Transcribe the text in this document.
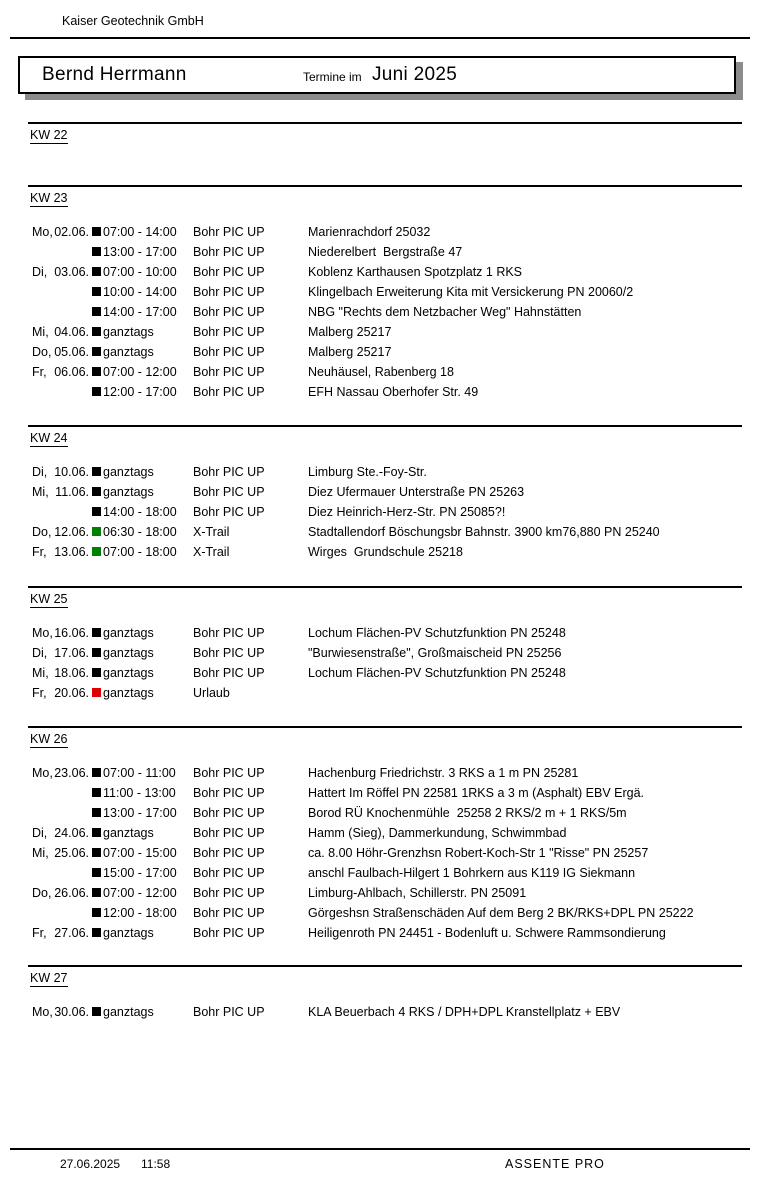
Kaiser Geotechnik GmbH
Bernd Herrmann	Termine im Juni 2025
KW 22
KW 23
Mo, 02.06. 07:00 - 14:00 Bohr PIC UP	Marienrachdorf 25032
13:00 - 17:00 Bohr PIC UP	Niederelbert  Bergstraße 47
Di, 03.06. 07:00 - 10:00 Bohr PIC UP	Koblenz Karthausen Spotzplatz 1 RKS
10:00 - 14:00 Bohr PIC UP	Klingelbach Erweiterung Kita mit Versickerung PN 20060/2
14:00 - 17:00 Bohr PIC UP	NBG "Rechts dem Netzbacher Weg" Hahnstätten
Mi, 04.06. ganztags	Bohr PIC UP	Malberg 25217
Do, 05.06. ganztags	Bohr PIC UP	Malberg 25217
Fr, 06.06. 07:00 - 12:00 Bohr PIC UP	Neuhäusel, Rabenberg 18
12:00 - 17:00 Bohr PIC UP	EFH Nassau Oberhofer Str. 49
KW 24
Di, 10.06. ganztags	Bohr PIC UP	Limburg Ste.-Foy-Str.
Mi, 11.06. ganztags	Bohr PIC UP	Diez Ufermauer Unterstraße PN 25263
14:00 - 18:00 Bohr PIC UP	Diez Heinrich-Herz-Str. PN 25085?!
Do, 12.06. 06:30 - 18:00 X-Trail	Stadtallendorf Böschungsbr Bahnstr. 3900 km76,880 PN 25240
Fr, 13.06. 07:00 - 18:00 X-Trail	Wirges  Grundschule 25218
KW 25
Mo, 16.06. ganztags	Bohr PIC UP	Lochum Flächen-PV Schutzfunktion PN 25248
Di, 17.06. ganztags	Bohr PIC UP	"Burwiesenstraße", Großmaischeid PN 25256
Mi, 18.06. ganztags	Bohr PIC UP	Lochum Flächen-PV Schutzfunktion PN 25248
Fr, 20.06. ganztags	Urlaub
KW 26
Mo, 23.06. 07:00 - 11:00 Bohr PIC UP	Hachenburg Friedrichstr. 3 RKS a 1 m PN 25281
11:00 - 13:00 Bohr PIC UP	Hattert Im Röffel PN 22581 1RKS a 3 m (Asphalt) EBV Ergä.
13:00 - 17:00 Bohr PIC UP	Borod RÜ Knochenmühle  25258 2 RKS/2 m + 1 RKS/5m
Di, 24.06. ganztags	Bohr PIC UP	Hamm (Sieg), Dammerkundung, Schwimmbad
Mi, 25.06. 07:00 - 15:00 Bohr PIC UP	ca. 8.00 Höhr-Grenzhsn Robert-Koch-Str 1 "Risse" PN 25257
15:00 - 17:00 Bohr PIC UP	anschl Faulbach-Hilgert 1 Bohrkern aus K119 IG Siekmann
Do, 26.06. 07:00 - 12:00 Bohr PIC UP	Limburg-Ahlbach, Schillerstr. PN 25091
12:00 - 18:00 Bohr PIC UP	Görgeshsn Straßenschäden Auf dem Berg 2 BK/RKS+DPL PN 25222
Fr, 27.06. ganztags	Bohr PIC UP	Heiligenroth PN 24451 - Bodenluft u. Schwere Rammsondierung
KW 27
Mo, 30.06. ganztags	Bohr PIC UP	KLA Beuerbach 4 RKS / DPH+DPL Kranstellplatz + EBV
27.06.2025 11:58	ASSENTE PRO
